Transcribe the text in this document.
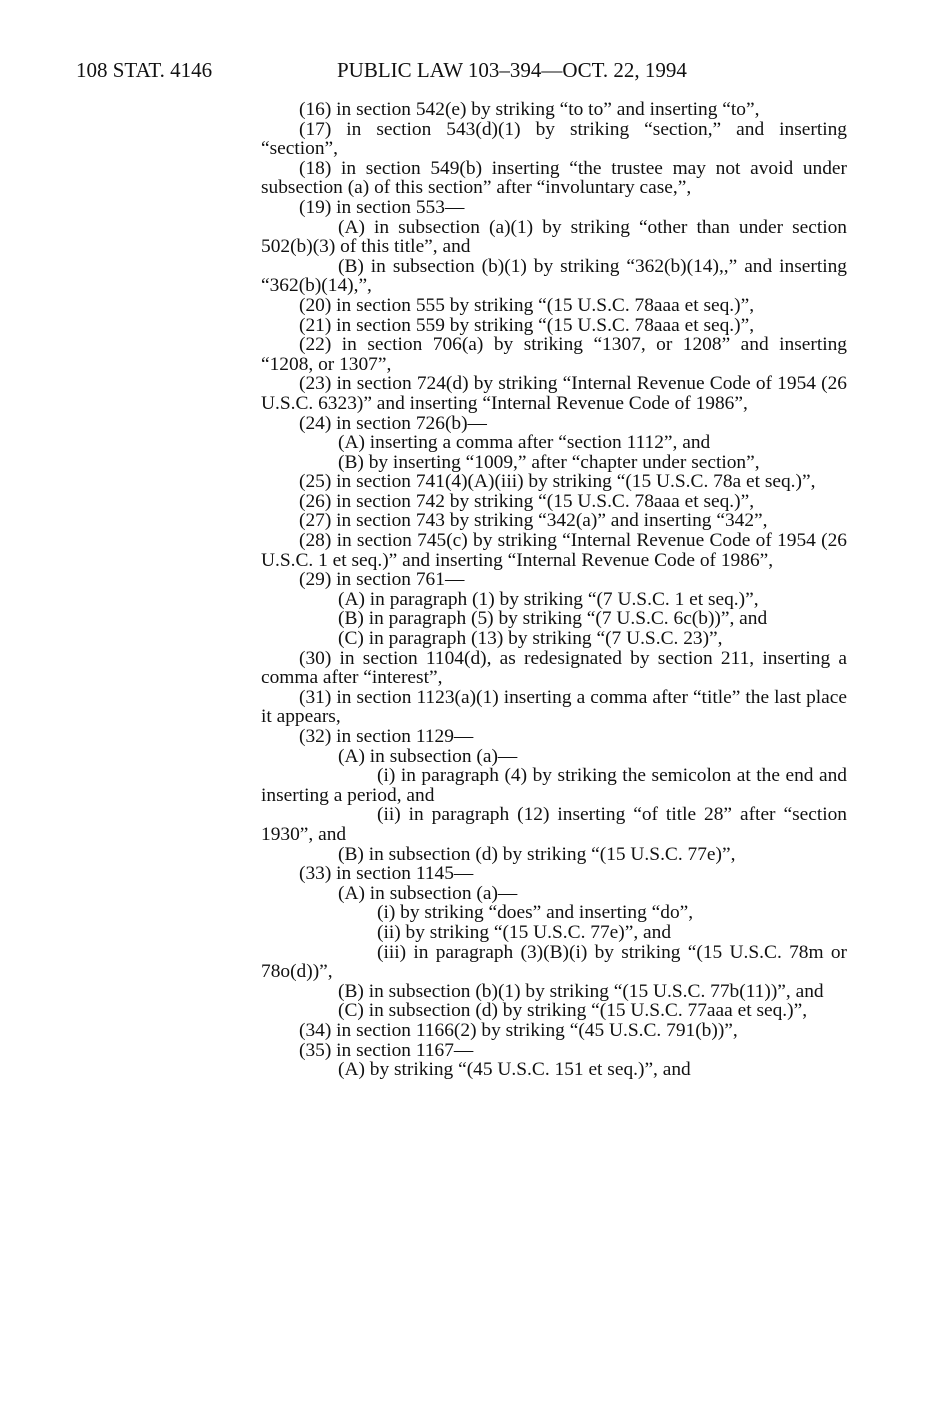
108 STAT. 4146	PUBLIC LAW 103–394—OCT. 22, 1994

(16) in section 542(e) by striking “to to” and inserting “to”,

(17) in section 543(d)(1) by striking “section,” and inserting “section”,

(18) in section 549(b) inserting “the trustee may not avoid under subsection (a) of this section” after “involuntary case,”,

(19) in section 553—

(A) in subsection (a)(1) by striking “other than under section 502(b)(3) of this title”, and

(B) in subsection (b)(1) by striking “362(b)(14),,” and inserting “362(b)(14),”,

(20) in section 555 by striking “(15 U.S.C. 78aaa et seq.)”,

(21) in section 559 by striking “(15 U.S.C. 78aaa et seq.)”,

(22) in section 706(a) by striking “1307, or 1208” and inserting “1208, or 1307”,

(23) in section 724(d) by striking “Internal Revenue Code of 1954 (26 U.S.C. 6323)” and inserting “Internal Revenue Code of 1986”,

(24) in section 726(b)—

(A) inserting a comma after “section 1112”, and

(B) by inserting “1009,” after “chapter under section”,

(25) in section 741(4)(A)(iii) by striking “(15 U.S.C. 78a et seq.)”,

(26) in section 742 by striking “(15 U.S.C. 78aaa et seq.)”,

(27) in section 743 by striking “342(a)” and inserting “342”,

(28) in section 745(c) by striking “Internal Revenue Code of 1954 (26 U.S.C. 1 et seq.)” and inserting “Internal Revenue Code of 1986”,

(29) in section 761—

(A) in paragraph (1) by striking “(7 U.S.C. 1 et seq.)”,

(B) in paragraph (5) by striking “(7 U.S.C. 6c(b))”, and

(C) in paragraph (13) by striking “(7 U.S.C. 23)”,

(30) in section 1104(d), as redesignated by section 211, inserting a comma after “interest”,

(31) in section 1123(a)(1) inserting a comma after “title” the last place it appears,

(32) in section 1129—

(A) in subsection (a)—

(i) in paragraph (4) by striking the semicolon at the end and inserting a period, and

(ii) in paragraph (12) inserting “of title 28” after “section 1930”, and

(B) in subsection (d) by striking “(15 U.S.C. 77e)”,

(33) in section 1145—

(A) in subsection (a)—

(i) by striking “does” and inserting “do”,

(ii) by striking “(15 U.S.C. 77e)”, and

(iii) in paragraph (3)(B)(i) by striking “(15 U.S.C. 78m or 78o(d))”,

(B) in subsection (b)(1) by striking “(15 U.S.C. 77b(11))”, and

(C) in subsection (d) by striking “(15 U.S.C. 77aaa et seq.)”,

(34) in section 1166(2) by striking “(45 U.S.C. 791(b))”,

(35) in section 1167—

(A) by striking “(45 U.S.C. 151 et seq.)”, and
